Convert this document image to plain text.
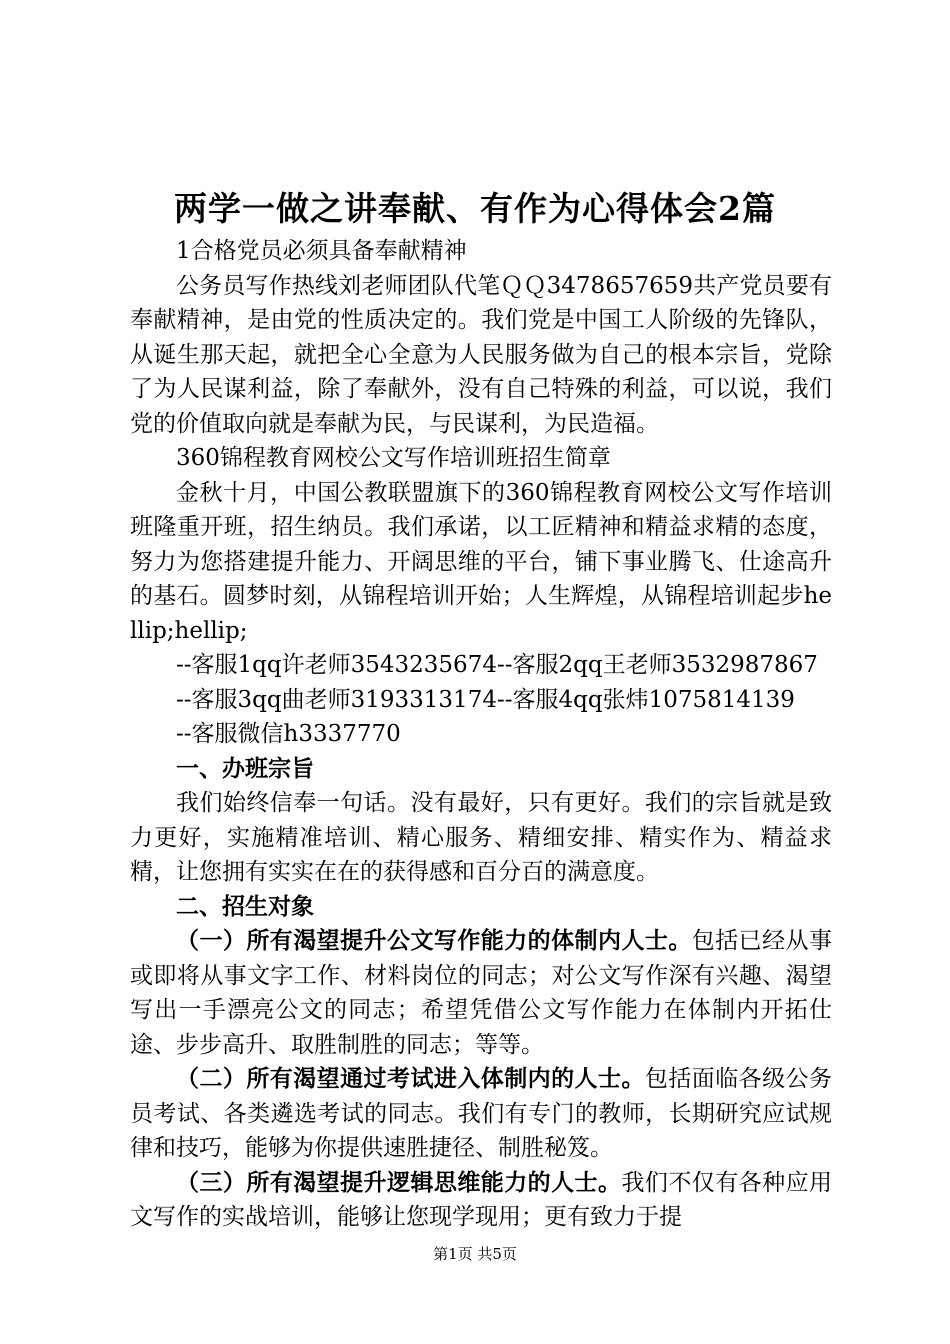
两学一做之讲奉献、有作为心得体会2篇

1合格党员必须具备奉献精神

公务员写作热线刘老师团队代笔ＱＱ3478657659共产党员要有奉献精神，是由党的性质决定的。我们党是中国工人阶级的先锋队，从诞生那天起，就把全心全意为人民服务做为自己的根本宗旨，党除了为人民谋利益，除了奉献外，没有自己特殊的利益，可以说，我们党的价值取向就是奉献为民，与民谋利，为民造福。

360锦程教育网校公文写作培训班招生简章

金秋十月，中国公教联盟旗下的360锦程教育网校公文写作培训班隆重开班，招生纳员。我们承诺，以工匠精神和精益求精的态度，努力为您搭建提升能力、开阔思维的平台，铺下事业腾飞、仕途高升的基石。圆梦时刻，从锦程培训开始；人生辉煌，从锦程培训起步hellip;hellip;

--客服1qq许老师3543235674--客服2qq王老师3532987867

--客服3qq曲老师3193313174--客服4qq张炜1075814139

--客服微信h3337770

一、办班宗旨

我们始终信奉一句话。没有最好，只有更好。我们的宗旨就是致力更好，实施精准培训、精心服务、精细安排、精实作为、精益求精，让您拥有实实在在的获得感和百分百的满意度。

二、招生对象

（一）所有渴望提升公文写作能力的体制内人士。包括已经从事或即将从事文字工作、材料岗位的同志；对公文写作深有兴趣、渴望写出一手漂亮公文的同志；希望凭借公文写作能力在体制内开拓仕途、步步高升、取胜制胜的同志；等等。

（二）所有渴望通过考试进入体制内的人士。包括面临各级公务员考试、各类遴选考试的同志。我们有专门的教师，长期研究应试规律和技巧，能够为你提供速胜捷径、制胜秘笈。

（三）所有渴望提升逻辑思维能力的人士。我们不仅有各种应用文写作的实战培训，能够让您现学现用；更有致力于提

第1页 共5页
